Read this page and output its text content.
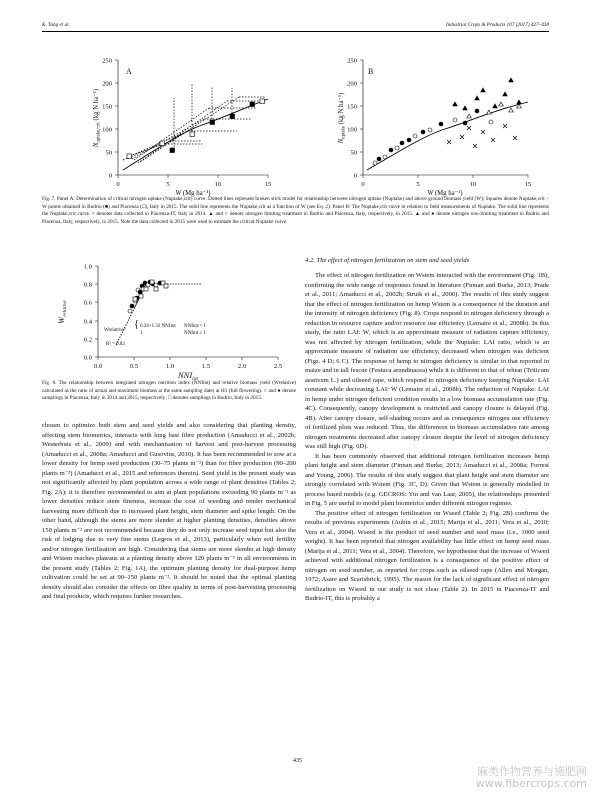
K. Tang et al.	Industrial Crops & Products 107 (2017) 427–438
0
50
100
150
200
250
0	5	10	15
A
$N_{uptake,crit}$ (kg N ha⁻¹)
W (Mg ha⁻¹)
0
50
100
150
200
250
0	5	10	15
B
$N_{uptake}$ (kg N ha⁻¹)
W (Mg ha⁻¹)

Fig. 7. Panel A: Determination of critical nitrogen uptake (Nuptake,crit) curve. Dotted lines represent broken stick model for relationship between nitrogen uptake (Nuptake) and above ground biomass yield (W); Squares denote Nuptake,crit − W points obtained in Budrio (■) and Piacenza (□), Italy in 2015. The solid line represents the Nuptake,crit as a function of W (see Eq. 2). Panel B: The Nuptake,crit curve in relation to field measurements of Nuptake. The solid line represents the Nuptake,crit curve. × denotes data collected in Piacenza-IT, Italy in 2014. ▲ and ○ denote nitrogen limiting treatment in Budrio and Piacenza, Italy, respectively, in 2015. ▲ and ● denote nitrogen non-limiting treatment in Budrio and Piacenza, Italy, respectively, in 2015. Note the data collected in 2015 were used to estimate the critical Nuptake curve.

0.0
0.2
0.4
0.6
0.8
1.0
0.0	0.5	1.0	1.5	2.0	2.5
$W_{relative}$
$NNI_{int}$
Wrelative=
{ 0.34+1.32 NNIint NNIint < 1
1	NNIint ≥ 1
R² = 0.82

Fig. 8. The relationship between integrated nitrogen nutrition index (NNIint) and relative biomass yield (Wrelative) calculated as the ratio of actual and maximum biomass at the same sampling date) at H1 (full flowering). ○ and ● denote samplings in Piacenza, Italy in 2014 and 2015, respectively; □ denotes samplings in Budrio, Italy in 2015.

4.2. The effect of nitrogen fertilization on stem and seed yields

chosen to optimize both stem and seed yields and also considering that planting density, affecting stem biometrics, interacts with long bast fibre production (Amaducci et al., 2002b; Westerhuis et al., 2009) and with mechanisation of harvest and post-harvest processing (Amaducci et al., 2008a; Amaducci and Gusovius, 2010). It has been recommended to sow at a lower density for hemp seed production (30–75 plants m⁻²) than for fibre production (90–200 plants m⁻²) (Amaducci et al., 2015 and references therein). Seed yield in the present study was not significantly affected by plant population across a wide range of plant densities (Tables 2; Fig. 2A); it is therefore recommended to aim at plant populations exceeding 90 plants m⁻² as lower densities reduce stem fineness, increase the cost of weeding and render mechanical harvesting more difficult due to increased plant height, stem diameter and spike length. On the other hand, although the stems are more slender at higher planting densities, densities above 150 plants m⁻² are not recommended because they do not only increase seed input but also the risk of lodging due to very fine stems (Legros et al., 2013), particularly when soil fertility and/or nitrogen fertilization are high. Considering that stems are more slender at high density and Wstem reaches plateaus at a planting density above 120 plants m⁻² in all environments in the present study (Tables 2; Fig. 1A), the optimum planting density for dual-purpose hemp cultivation could be set at 90–150 plants m⁻². It should be noted that the optimal planting density should also consider the effects on fibre quality in terms of post-harvesting processing and final products, which requires further researches.

The effect of nitrogen fertilization on Wstem interacted with the environment (Fig. 1B), confirming the wide range of responses found in literature (Finnan and Burke, 2013; Prade et al., 2011; Amaducci et al., 2002b; Struik et al., 2000). The results of this study suggest that the effect of nitrogen fertilization on hemp Wstem is a consequence of the duration and the intensity of nitrogen deficiency (Fig. 8). Crops respond to nitrogen deficiency through a reduction in resource capture and/or resource use efficiency (Lemaire et al., 2008b). In this study, the ratio LAI: W, which is an approximate measure of radiation capture efficiency, was not affected by nitrogen fertilization, while the Nuptake: LAI ratio, which is an approximate measure of radiation use efficiency, decreased when nitrogen was deficient (Figs. 4 D; 6 C). The response of hemp to nitrogen deficiency is similar to that reported in maize and in tall fescue (Festuca arundinacea) while it is different to that of wheat (Triticum aestivum L.) and oilseed rape, which respond to nitrogen deficiency keeping Nuptake: LAI constant while decreasing LAI: W (Lemaire et al., 2008b). The reduction of Nuptake: LAI in hemp under nitrogen deficient condition results in a low biomass accumulation rate (Fig. 4C). Consequently, canopy development is restricted and canopy closure is delayed (Fig. 4B). After canopy closure, self-shading occurs and as consequence nitrogen use efficiency of fertilized plots was reduced. Thus, the differences in biomass accumulation rate among nitrogen treatments decreased after canopy closure despite the level of nitrogen deficiency was still high (Fig. 6D).

It has been commonly observed that additional nitrogen fertilization increases hemp plant height and stem diameter (Finnan and Burke, 2013; Amaducci et al., 2008a; Forrest and Young, 2006). The results of this study suggest that plant height and stem diameter are strongly correlated with Wstem (Fig. 3C, D). Given that Wstem is generally modelled in process based models (e.g. GECROS: Yin and van Laar, 2005), the relationships presented in Fig. 5 are useful to model plant biometrics under different nitrogen regimes.

The positive effect of nitrogen fertilization on Wseed (Table 2; Fig. 2B) confirms the results of previous experiments (Aubin et al., 2015; Marija et al., 2011; Vera et al., 2010; Vera et al., 2004). Wseed is the product of seed number and seed mass (i.e., 1000 seed weight). It has been reported that nitrogen availability has little effect on hemp seed mass (Marija et al., 2011; Vera et al., 2004). Therefore, we hypothesise that the increase of Wseed achieved with additional nitrogen fertilization is a consequence of the positive effect of nitrogen on seed number, as reported for crops such as oilseed rape (Allen and Morgan, 1972; Asare and Scarisbrick, 1995). The reason for the lack of significant effect of nitrogen fertilization on Wseed in our study is not clear (Table 2). In 2015 in Piacenza-IT and Budrio-IT, this is probably a

435
麻类作物营养与施肥网
www.fibercrops.com
